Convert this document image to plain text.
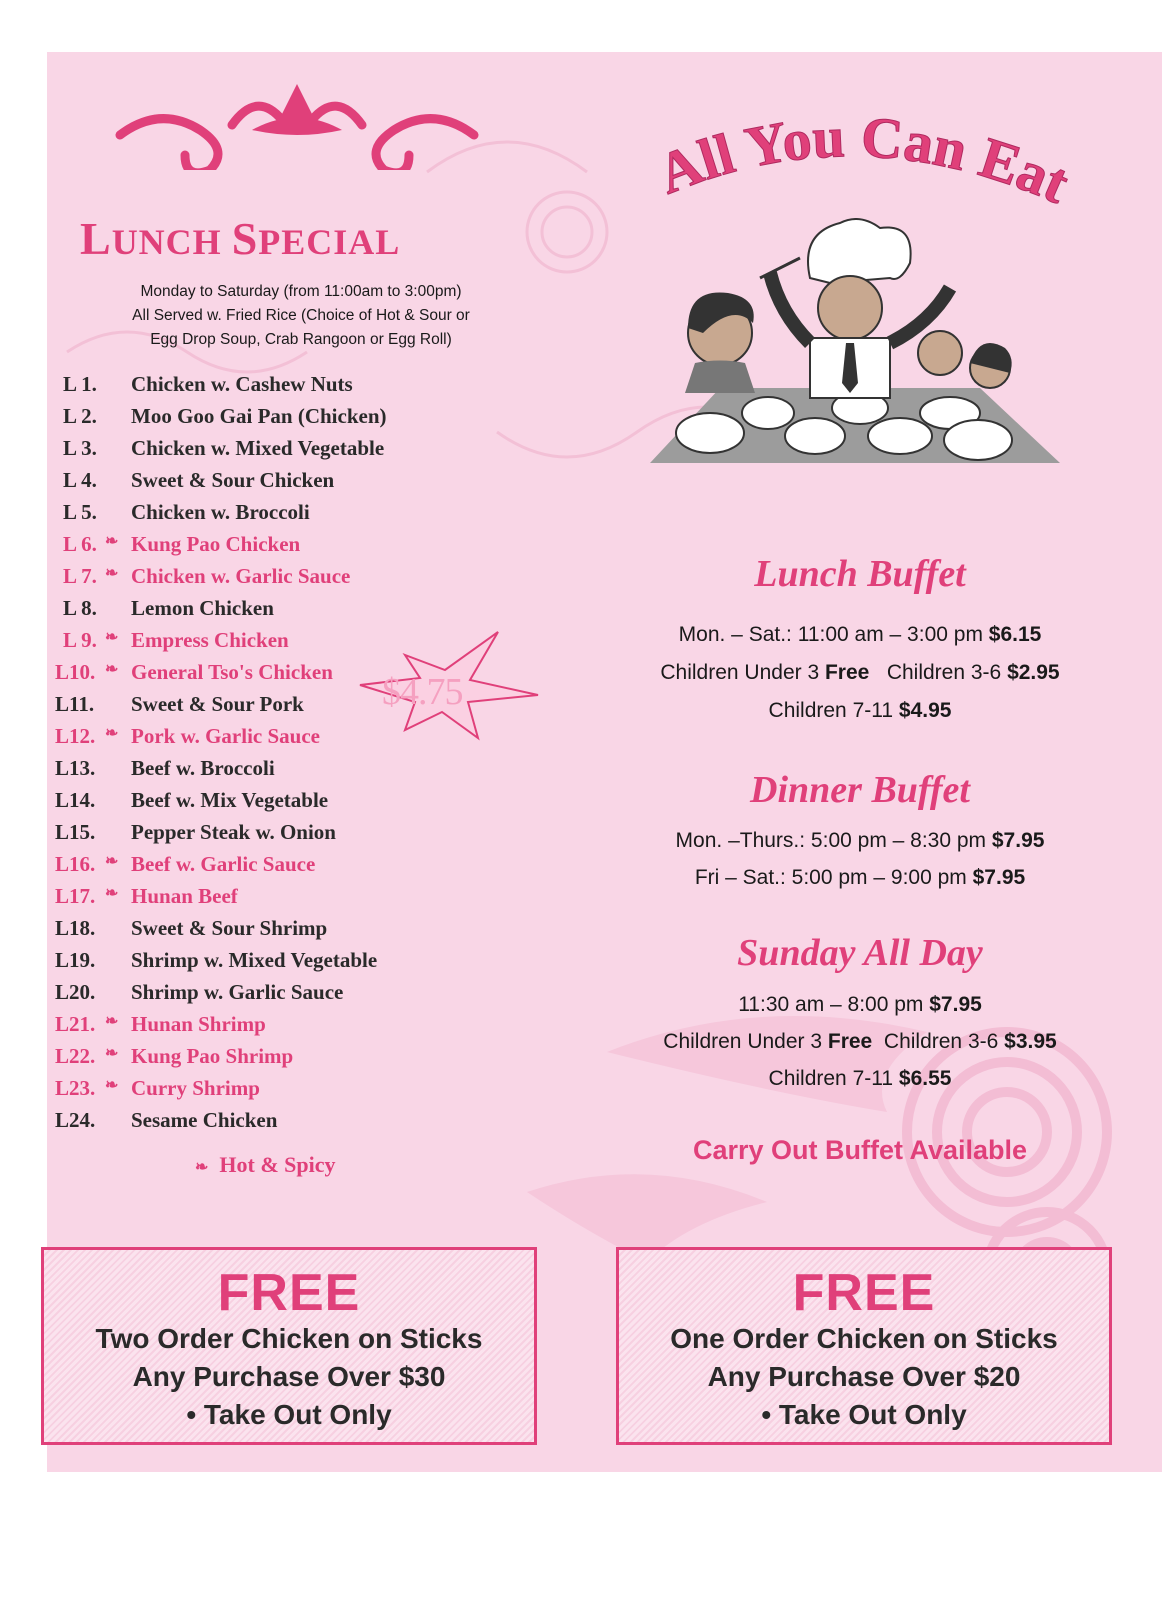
LUNCH SPECIAL
Monday to Saturday (from 11:00am to 3:00pm)
All Served w. Fried Rice (Choice of Hot & Sour or
Egg Drop Soup, Crab Rangoon or Egg Roll)
L 1.	Chicken w. Cashew Nuts
L 2.	Moo Goo Gai Pan (Chicken)
L 3.	Chicken w. Mixed Vegetable
L 4.	Sweet & Sour Chicken
L 5.	Chicken w. Broccoli
L 6. ❧ Kung Pao Chicken
L 7. ❧ Chicken w. Garlic Sauce
L 8.	Lemon Chicken
L 9. ❧ Empress Chicken
L10. ❧ General Tso's Chicken
L11.	Sweet & Sour Pork
L12. ❧ Pork w. Garlic Sauce
L13.	Beef w. Broccoli
L14.	Beef w. Mix Vegetable
L15.	Pepper Steak w. Onion
L16. ❧ Beef w. Garlic Sauce
L17. ❧ Hunan Beef
L18.	Sweet & Sour Shrimp
L19.	Shrimp w. Mixed Vegetable
L20.	Shrimp w. Garlic Sauce
L21. ❧ Hunan Shrimp
L22. ❧ Kung Pao Shrimp
L23. ❧ Curry Shrimp
L24.	Sesame Chicken
$4.75
❧ Hot & Spicy
All You Can Eat
Lunch Buffet
Mon. – Sat.: 11:00 am – 3:00 pm $6.15
Children Under 3 Free   Children 3-6 $2.95
Children 7-11 $4.95
Dinner Buffet
Mon. –Thurs.: 5:00 pm – 8:30 pm $7.95
Fri – Sat.: 5:00 pm – 9:00 pm $7.95
Sunday All Day
11:30 am – 8:00 pm $7.95
Children Under 3 Free  Children 3-6 $3.95
Children 7-11 $6.55
Carry Out Buffet Available
FREE
Two Order Chicken on Sticks
Any Purchase Over $30
• Take Out Only
FREE
One Order Chicken on Sticks
Any Purchase Over $20
• Take Out Only
